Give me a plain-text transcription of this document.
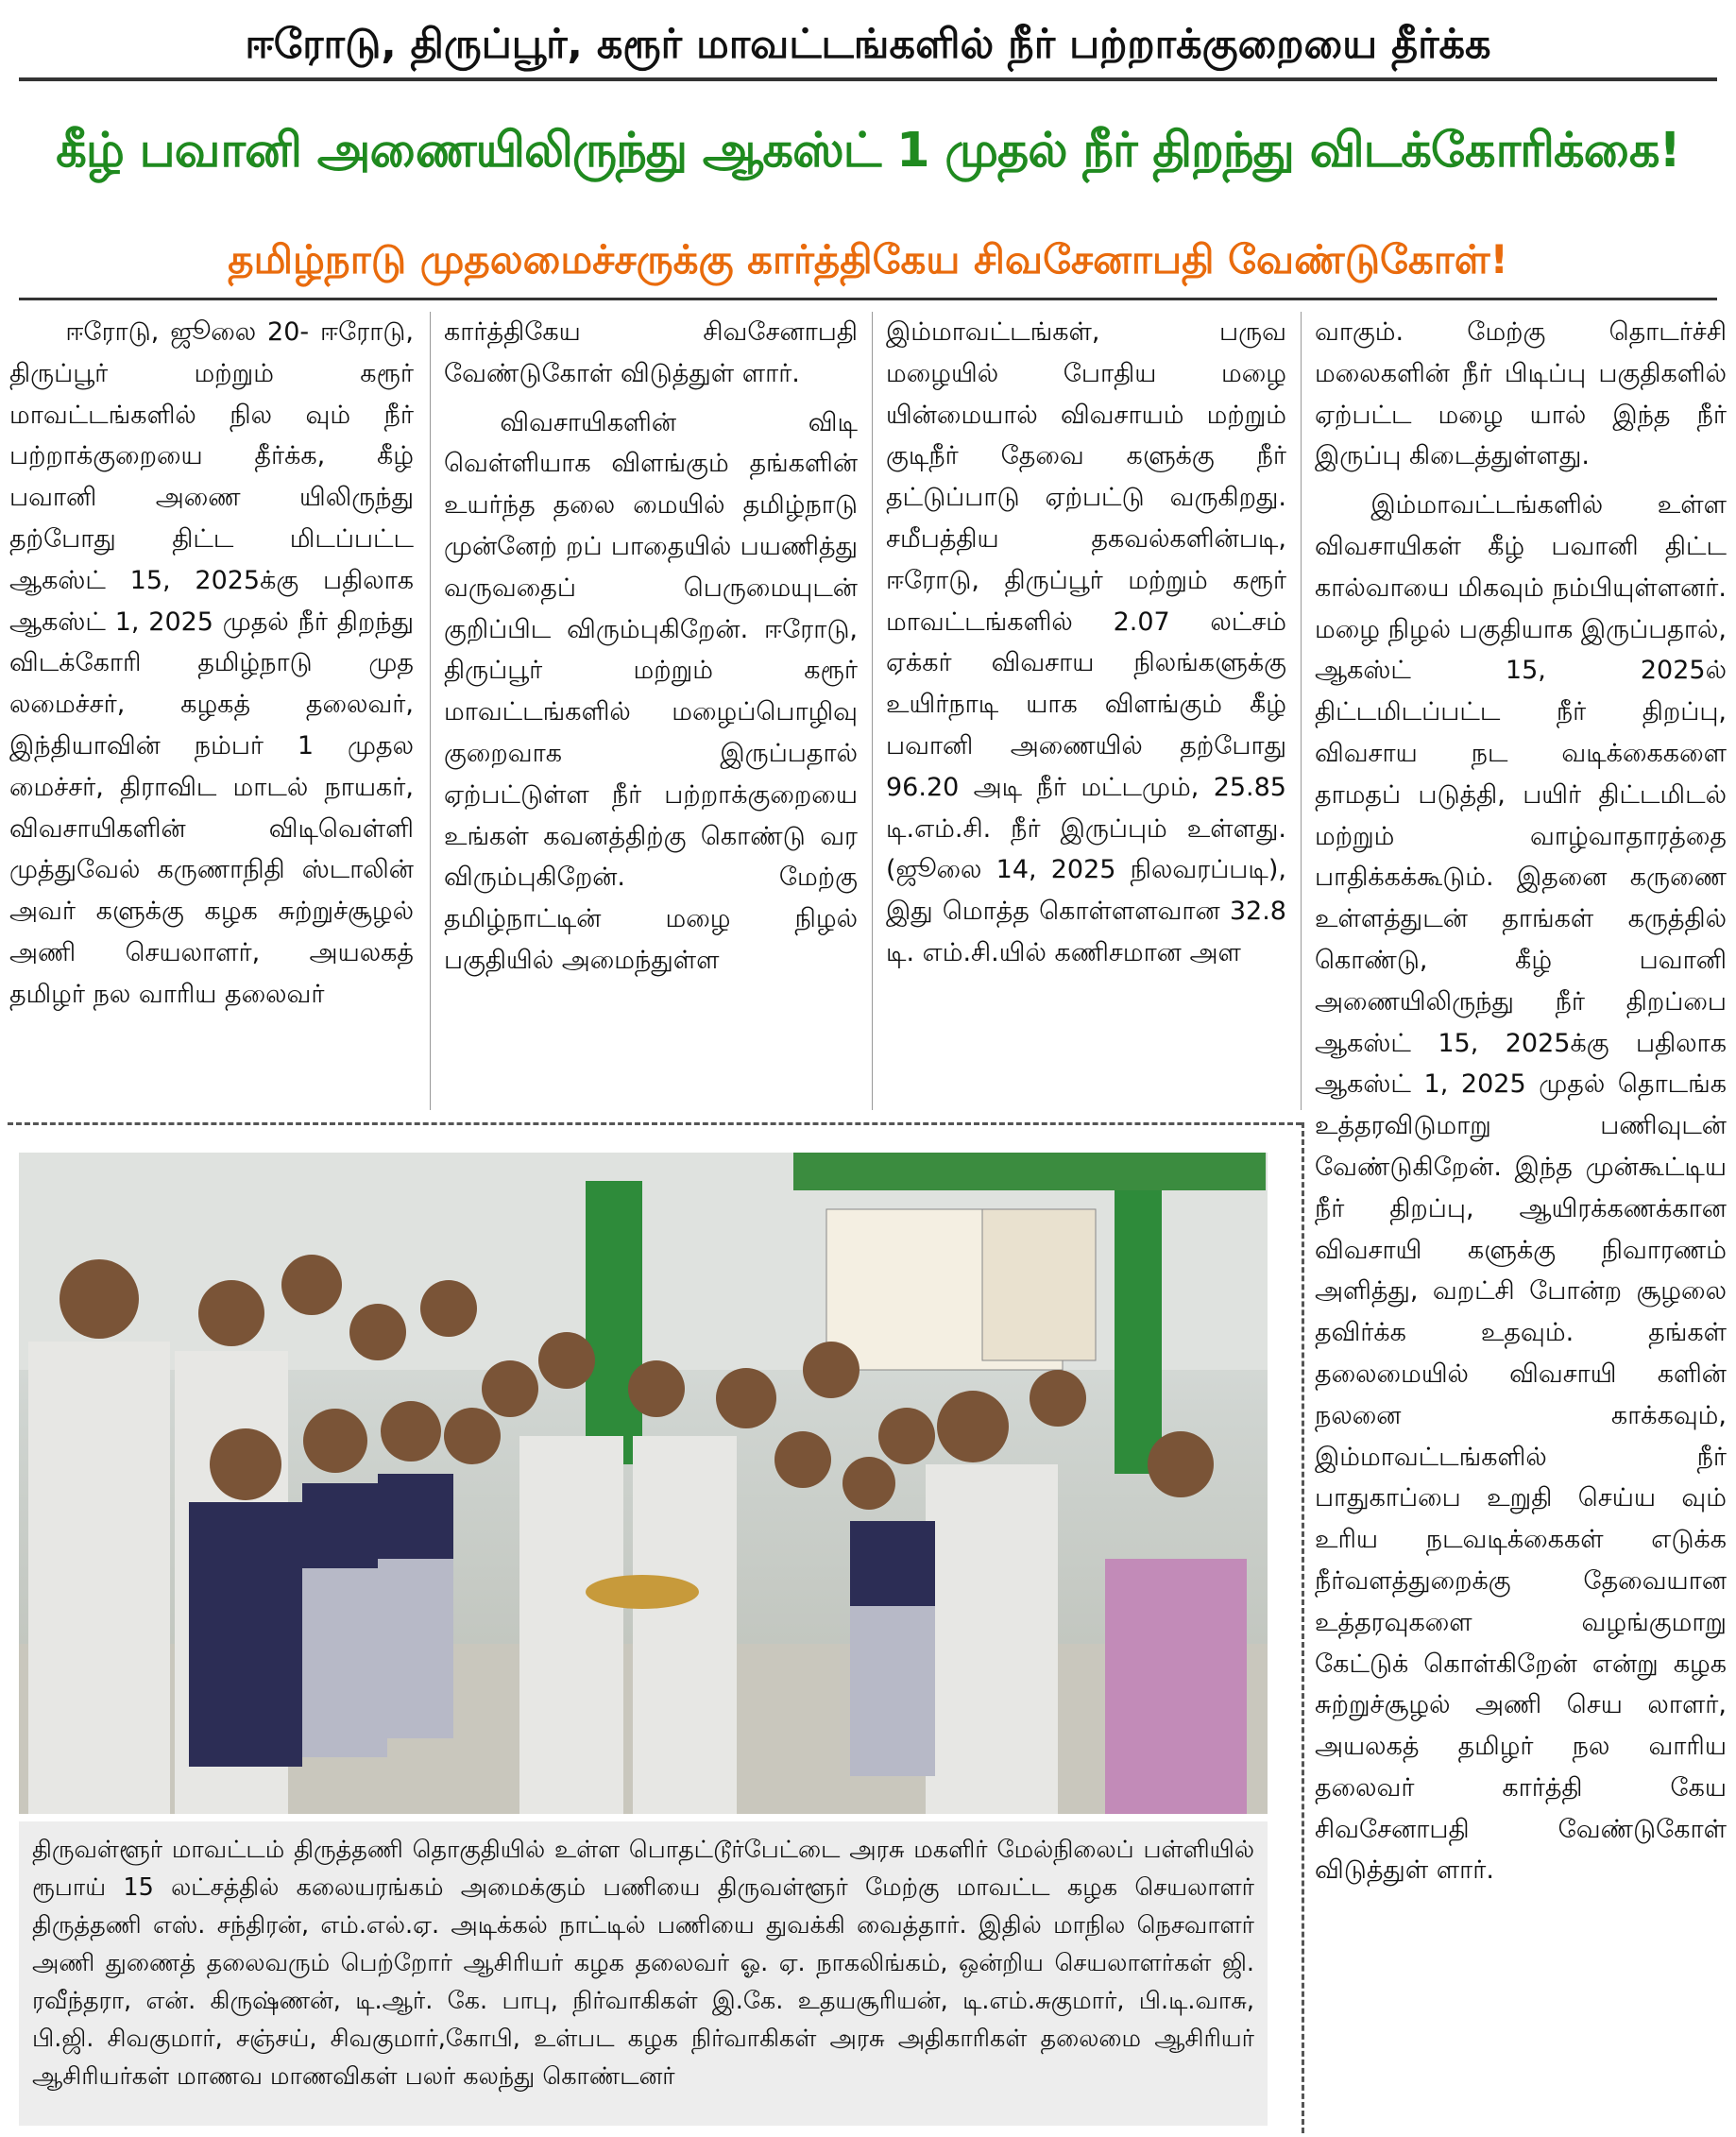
ஈரோடு, திருப்பூர், கரூர் மாவட்டங்களில் நீர் பற்றாக்குறையை தீர்க்க
கீழ் பவானி அணையிலிருந்து ஆகஸ்ட் 1 முதல் நீர் திறந்து விடக்கோரிக்கை!
தமிழ்நாடு முதலமைச்சருக்கு கார்த்திகேய சிவசேனாபதி வேண்டுகோள்!

ஈரோடு, ஜூலை 20- ஈரோடு, திருப்பூர் மற்றும் கரூர் மாவட்டங்களில் நில வும் நீர் பற்றாக்குறையை தீர்க்க, கீழ் பவானி அணை யிலிருந்து தற்போது திட்ட மிடப்பட்ட ஆகஸ்ட் 15, 2025க்கு பதிலாக ஆகஸ்ட் 1, 2025 முதல் நீர் திறந்து விடக்கோரி தமிழ்நாடு முத லமைச்சர், கழகத் தலைவர், இந்தியாவின் நம்பர் 1 முதல மைச்சர், திராவிட மாடல் நாயகர், விவசாயிகளின் விடிவெள்ளி முத்துவேல் கருணாநிதி ஸ்டாலின் அவர் களுக்கு கழக சுற்றுச்சூழல் அணி செயலாளர், அயலகத் தமிழர் நல வாரிய தலைவர்

கார்த்திகேய சிவசேனாபதி வேண்டுகோள் விடுத்துள் ளார்.

விவசாயிகளின் விடி வெள்ளியாக விளங்கும் தங்களின் உயர்ந்த தலை மையில் தமிழ்நாடு முன்னேற் றப் பாதையில் பயணித்து வருவதைப் பெருமையுடன் குறிப்பிட விரும்புகிறேன். ஈரோடு, திருப்பூர் மற்றும் கரூர் மாவட்டங்களில் மழைப்பொழிவு குறைவாக இருப்பதால் ஏற்பட்டுள்ள நீர் பற்றாக்குறையை உங்கள் கவனத்திற்கு கொண்டு வர விரும்புகிறேன். மேற்கு தமிழ்நாட்டின் மழை நிழல் பகுதியில் அமைந்துள்ள

இம்மாவட்டங்கள், பருவ மழையில் போதிய மழை யின்மையால் விவசாயம் மற்றும் குடிநீர் தேவை களுக்கு நீர் தட்டுப்பாடு ஏற்பட்டு வருகிறது. சமீபத்திய தகவல்களின்படி, ஈரோடு, திருப்பூர் மற்றும் கரூர் மாவட்டங்களில் 2.07 லட்சம் ஏக்கர் விவசாய நிலங்களுக்கு உயிர்நாடி யாக விளங்கும் கீழ் பவானி அணையில் தற்போது 96.20 அடி நீர் மட்டமும், 25.85 டி.எம்.சி. நீர் இருப்பும் உள்ளது. (ஜூலை 14, 2025 நிலவரப்படி), இது மொத்த கொள்ளளவான 32.8 டி. எம்.சி.யில் கணிசமான அள

வாகும். மேற்கு தொடர்ச்சி மலைகளின் நீர் பிடிப்பு பகுதிகளில் ஏற்பட்ட மழை யால் இந்த நீர் இருப்பு கிடைத்துள்ளது.

இம்மாவட்டங்களில் உள்ள விவசாயிகள் கீழ் பவானி திட்ட கால்வாயை மிகவும் நம்பியுள்ளனர். மழை நிழல் பகுதியாக இருப்பதால், ஆகஸ்ட் 15, 2025ல் திட்டமிடப்பட்ட நீர் திறப்பு, விவசாய நட வடிக்கைகளை தாமதப் படுத்தி, பயிர் திட்டமிடல் மற்றும் வாழ்வாதாரத்தை பாதிக்கக்கூடும். இதனை கருணை உள்ளத்துடன் தாங்கள் கருத்தில் கொண்டு, கீழ் பவானி அணையிலிருந்து நீர் திறப்பை ஆகஸ்ட் 15, 2025க்கு பதிலாக ஆகஸ்ட் 1, 2025 முதல் தொடங்க உத்தரவிடுமாறு பணிவுடன் வேண்டுகிறேன். இந்த முன்கூட்டிய நீர் திறப்பு, ஆயிரக்கணக்கான விவசாயி களுக்கு நிவாரணம் அளித்து, வறட்சி போன்ற சூழலை தவிர்க்க உதவும். தங்கள் தலைமையில் விவசாயி களின் நலனை காக்கவும், இம்மாவட்டங்களில் நீர் பாதுகாப்பை உறுதி செய்ய வும் உரிய நடவடிக்கைகள் எடுக்க நீர்வளத்துறைக்கு தேவையான உத்தரவுகளை வழங்குமாறு கேட்டுக் கொள்கிறேன் என்று கழக சுற்றுச்சூழல் அணி செய லாளர், அயலகத் தமிழர் நல வாரிய தலைவர் கார்த்தி கேய சிவசேனாபதி வேண்டுகோள் விடுத்துள் ளார்.

திருவள்ளூர் மாவட்டம் திருத்தணி தொகுதியில் உள்ள பொதட்டூர்பேட்டை அரசு மகளிர் மேல்நிலைப் பள்ளியில் ரூபாய் 15 லட்சத்தில் கலையரங்கம் அமைக்கும் பணியை திருவள்ளூர் மேற்கு மாவட்ட கழக செயலாளர் திருத்தணி எஸ். சந்திரன், எம்.எல்.ஏ. அடிக்கல் நாட்டில் பணியை துவக்கி வைத்தார். இதில் மாநில நெசவாளர் அணி துணைத் தலைவரும் பெற்றோர் ஆசிரியர் கழக தலைவர் ஓ. ஏ. நாகலிங்கம், ஒன்றிய செயலாளர்கள் ஜி. ரவீந்தரா, என். கிருஷ்ணன், டி.ஆர். கே. பாபு, நிர்வாகிகள் இ.கே. உதயசூரியன், டி.எம்.சுகுமார், பி.டி.வாசு, பி.ஜி. சிவகுமார், சஞ்சய், சிவகுமார்,கோபி, உள்பட கழக நிர்வாகிகள் அரசு அதிகாரிகள் தலைமை ஆசிரியர் ஆசிரியர்கள் மாணவ மாணவிகள் பலர் கலந்து கொண்டனர்
